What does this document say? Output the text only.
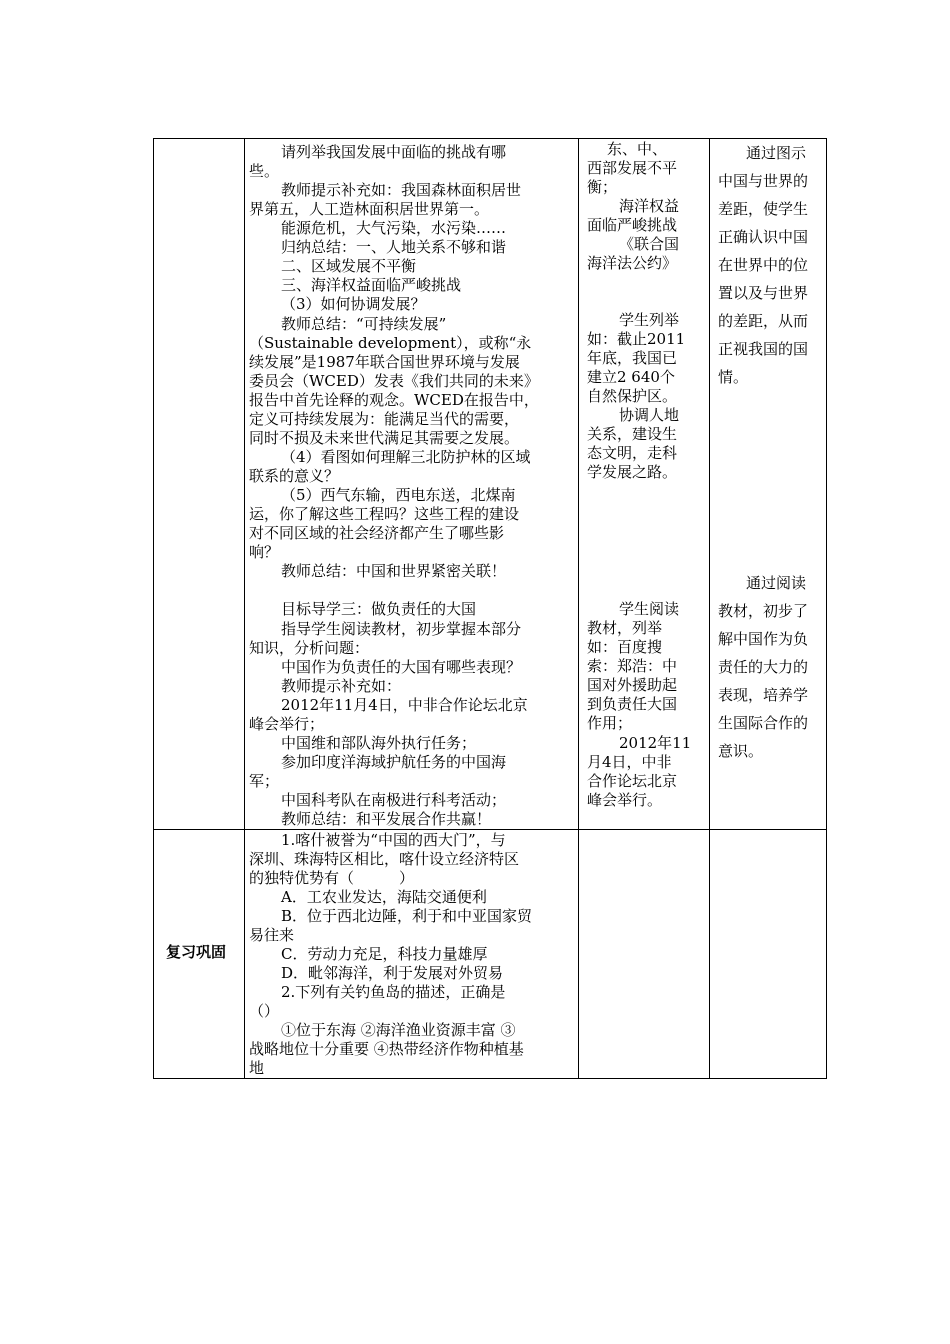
复习巩固
请列举我国发展中面临的挑战有哪
些。
教师提示补充如：我国森林面积居世
界第五，人工造林面积居世界第一。
能源危机，大气污染，水污染……
归纳总结：一、人地关系不够和谐
二、区域发展不平衡
三、海洋权益面临严峻挑战
（3）如何协调发展？
教师总结：“可持续发展”
（Sustainable development），或称“永
续发展”是1987年联合国世界环境与发展
委员会（WCED）发表《我们共同的未来》
报告中首先诠释的观念。WCED在报告中，
定义可持续发展为：能满足当代的需要，
同时不损及未来世代满足其需要之发展。
（4）看图如何理解三北防护林的区域
联系的意义？
（5）西气东输，西电东送，北煤南
运，你了解这些工程吗？这些工程的建设
对不同区域的社会经济都产生了哪些影
响？
教师总结：中国和世界紧密关联！
目标导学三：做负责任的大国
指导学生阅读教材，初步掌握本部分
知识，分析问题：
中国作为负责任的大国有哪些表现？
教师提示补充如：
2012年11月4日，中非合作论坛北京
峰会举行；
中国维和部队海外执行任务；
参加印度洋海域护航任务的中国海
军；
中国科考队在南极进行科考活动；
教师总结：和平发展合作共赢！
1.喀什被誉为“中国的西大门”，与
深圳、珠海特区相比，喀什设立经济特区
的独特优势有（　　　）
A．工农业发达，海陆交通便利
B．位于西北边陲，利于和中亚国家贸
易往来
C．劳动力充足，科技力量雄厚
D．毗邻海洋，利于发展对外贸易
2.下列有关钓鱼岛的描述，正确是
（）
①位于东海 ②海洋渔业资源丰富 ③
战略地位十分重要 ④热带经济作物种植基
地
东、中、
西部发展不平
衡；
海洋权益
面临严峻挑战
《联合国
海洋法公约》
学生列举
如：截止2011
年底，我国已
建立2 640个
自然保护区。
协调人地
关系，建设生
态文明，走科
学发展之路。
学生阅读
教材，列举
如：百度搜
索：郑浩：中
国对外援助起
到负责任大国
作用；
2012年11
月4日，中非
合作论坛北京
峰会举行。
通过图示
中国与世界的
差距，使学生
正确认识中国
在世界中的位
置以及与世界
的差距，从而
正视我国的国
情。
通过阅读
教材，初步了
解中国作为负
责任的大力的
表现，培养学
生国际合作的
意识。
